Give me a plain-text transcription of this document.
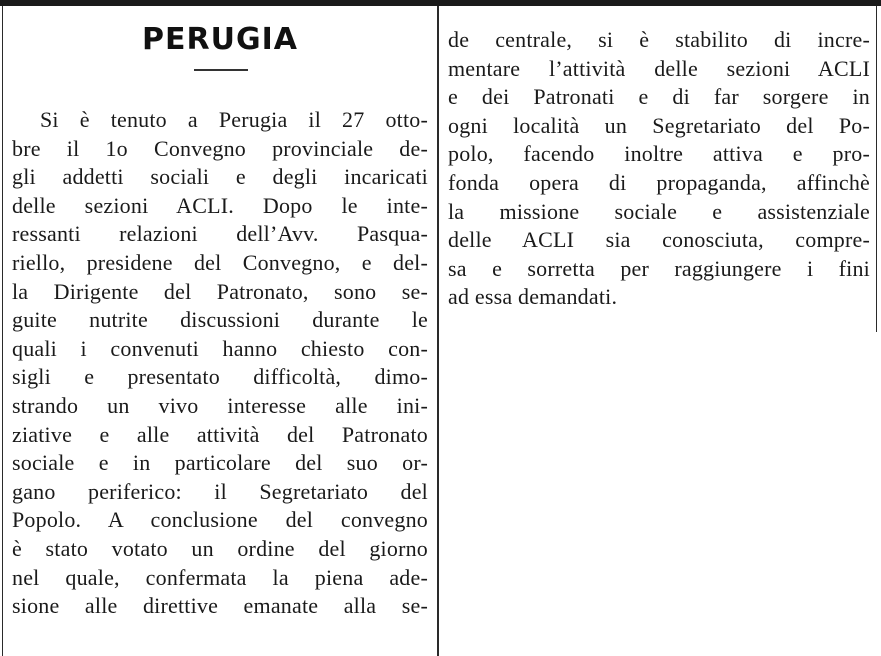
PERUGIA

Si è tenuto a Perugia il 27 otto-
bre il 1o Convegno provinciale de-
gli addetti sociali e degli incaricati
delle sezioni ACLI. Dopo le inte-
ressanti relazioni dell’Avv. Pasqua-
riello, presidene del Convegno, e del-
la Dirigente del Patronato, sono se-
guite nutrite discussioni durante le
quali i convenuti hanno chiesto con-
sigli e presentato difficoltà, dimo-
strando un vivo interesse alle ini-
ziative e alle attività del Patronato
sociale e in particolare del suo or-
gano periferico: il Segretariato del
Popolo. A conclusione del convegno
è stato votato un ordine del giorno
nel quale, confermata la piena ade-
sione alle direttive emanate alla se-

de centrale, si è stabilito di incre-
mentare l’attività delle sezioni ACLI
e dei Patronati e di far sorgere in
ogni località un Segretariato del Po-
polo, facendo inoltre attiva e pro-
fonda opera di propaganda, affinchè
la missione sociale e assistenziale
delle ACLI sia conosciuta, compre-
sa e sorretta per raggiungere i fini
ad essa demandati.
